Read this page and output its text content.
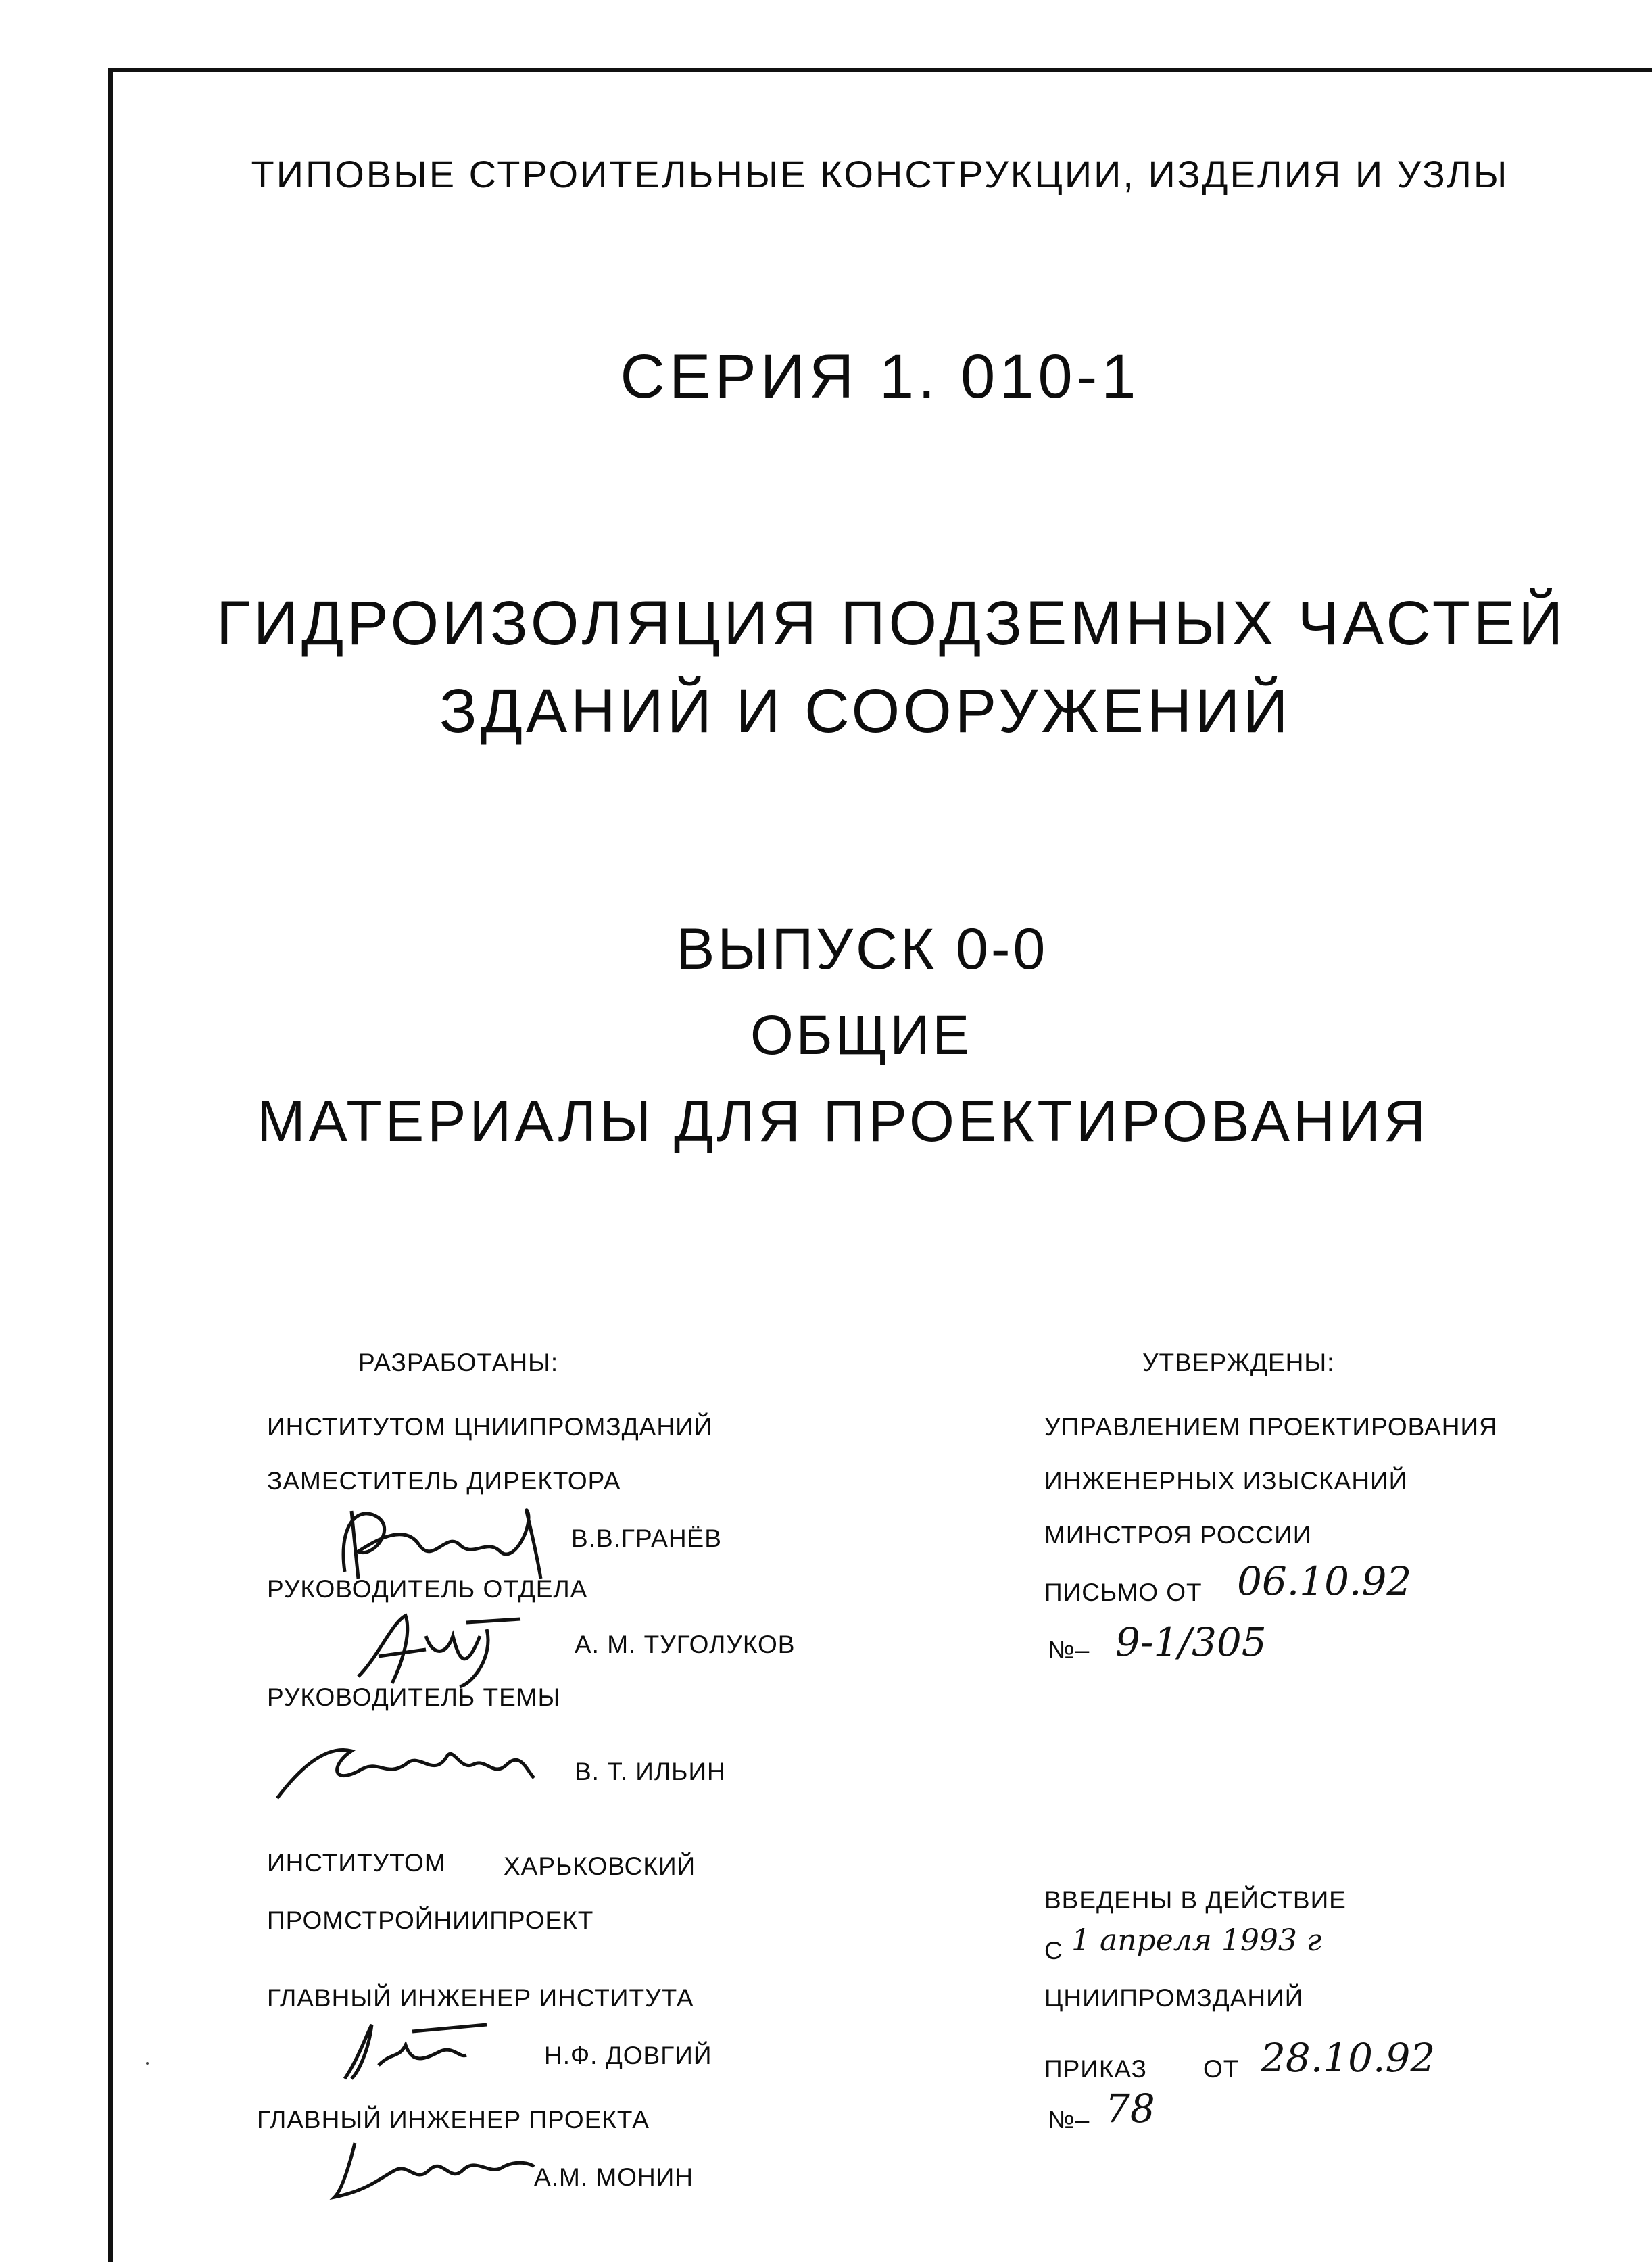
ТИПОВЫЕ СТРОИТЕЛЬНЫЕ КОНСТРУКЦИИ, ИЗДЕЛИЯ И УЗЛЫ
СЕРИЯ 1. 010-1
ГИДРОИЗОЛЯЦИЯ ПОДЗЕМНЫХ ЧАСТЕЙ
ЗДАНИЙ И СООРУЖЕНИЙ
ВЫПУСК 0-0
ОБЩИЕ
МАТЕРИАЛЫ ДЛЯ ПРОЕКТИРОВАНИЯ
РАЗРАБОТАНЫ:
ИНСТИТУТОМ ЦНИИПРОМЗДАНИЙ
ЗАМЕСТИТЕЛЬ ДИРЕКТОРА
В.В.ГРАНЁВ
РУКОВОДИТЕЛЬ ОТДЕЛА
А. М. ТУГОЛУКОВ
РУКОВОДИТЕЛЬ ТЕМЫ
В. Т. ИЛЬИН
ИНСТИТУТОМ ХАРЬКОВСКИЙ
ПРОМСТРОЙНИИПРОЕКТ
ГЛАВНЫЙ ИНЖЕНЕР ИНСТИТУТА
Н.Ф. ДОВГИЙ
ГЛАВНЫЙ ИНЖЕНЕР ПРОЕКТА
А.М. МОНИН
УТВЕРЖДЕНЫ:
УПРАВЛЕНИЕМ ПРОЕКТИРОВАНИЯ
ИНЖЕНЕРНЫХ ИЗЫСКАНИЙ
МИНСТРОЯ РОССИИ
ПИСЬМО ОТ 06.10.92
№– 9-1/305
ВВЕДЕНЫ В ДЕЙСТВИЕ
С 1 апреля 1993 г
ЦНИИПРОМЗДАНИЙ
ПРИКАЗ ОТ 28.10.92
№– 78
